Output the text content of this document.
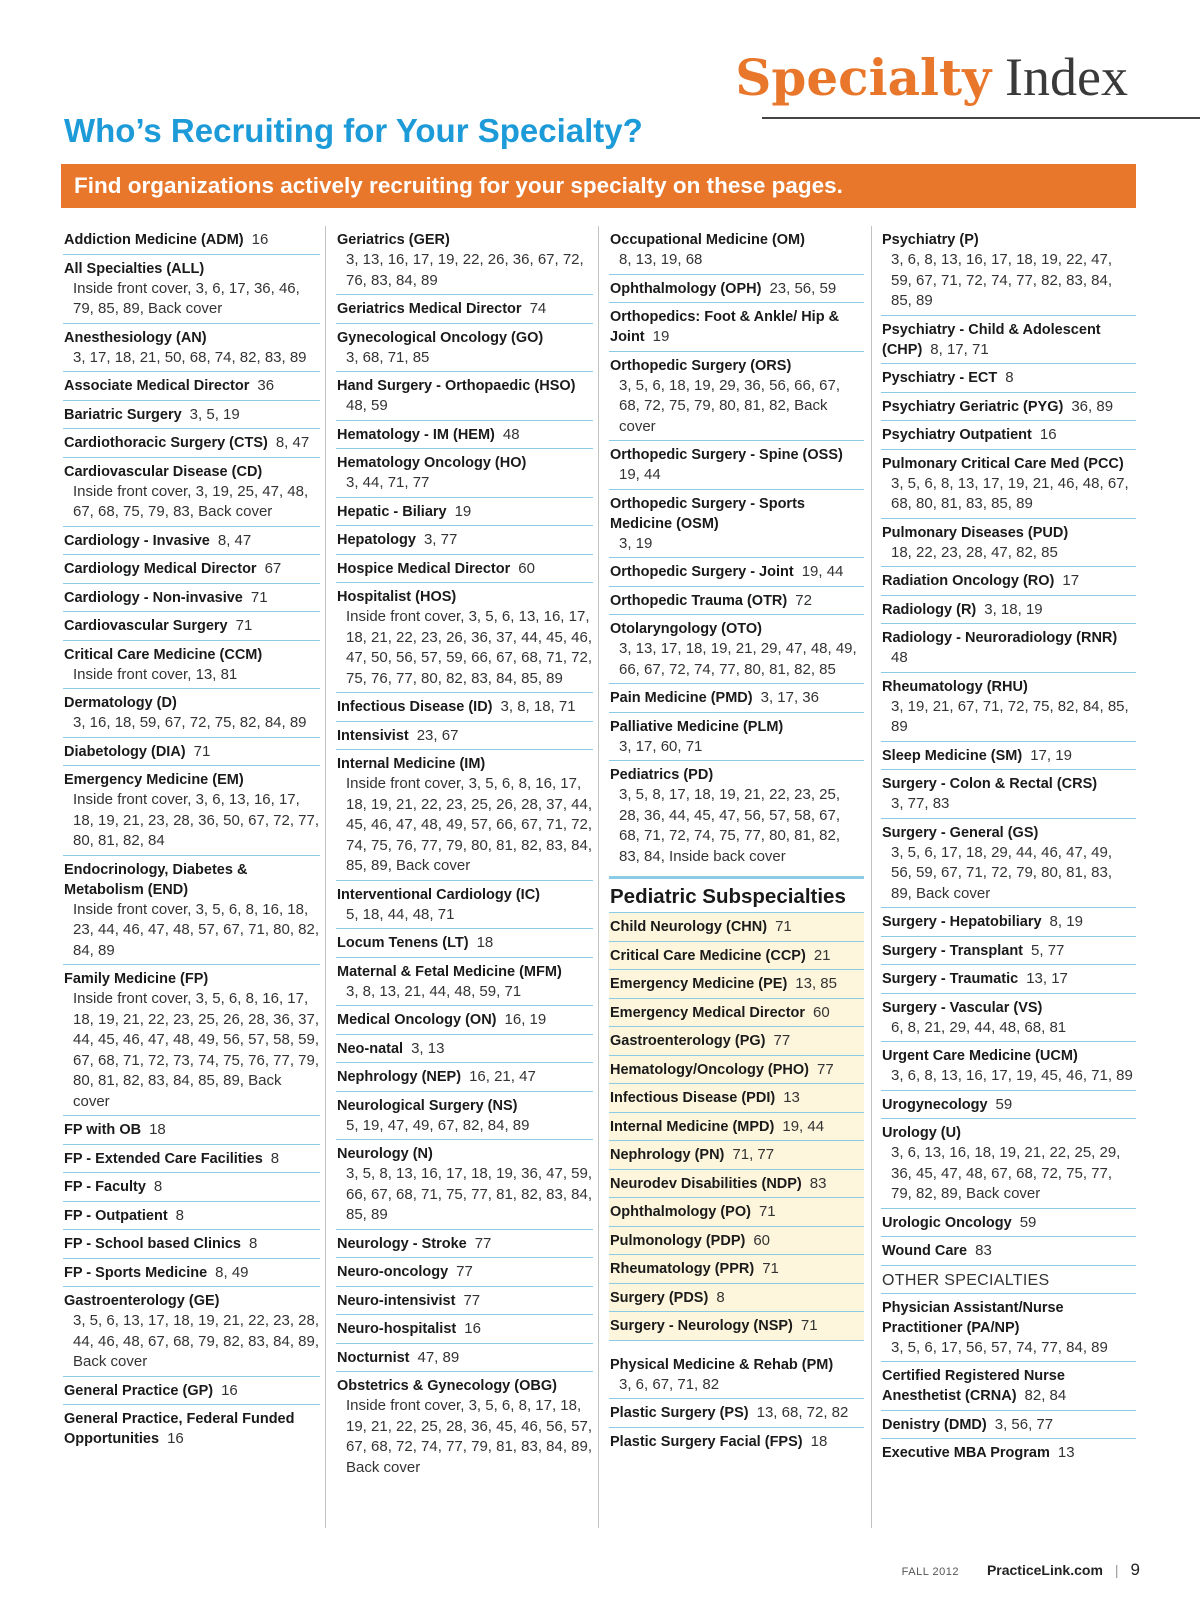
Specialty Index
Who’s Recruiting for Your Specialty?
Find organizations actively recruiting for your specialty on these pages.
Addiction Medicine (ADM) 16
All Specialties (ALL)
Inside front cover, 3, 6, 17, 36, 46, 79, 85, 89, Back cover
Anesthesiology (AN)
3, 17, 18, 21, 50, 68, 74, 82, 83, 89
Associate Medical Director 36
Bariatric Surgery 3, 5, 19
Cardiothoracic Surgery (CTS) 8, 47
Cardiovascular Disease (CD)
Inside front cover, 3, 19, 25, 47, 48, 67, 68, 75, 79, 83, Back cover
Cardiology - Invasive 8, 47
Cardiology Medical Director 67
Cardiology - Non-invasive 71
Cardiovascular Surgery 71
Critical Care Medicine (CCM)
Inside front cover, 13, 81
Dermatology (D)
3, 16, 18, 59, 67, 72, 75, 82, 84, 89
Diabetology (DIA) 71
Emergency Medicine (EM)
Inside front cover, 3, 6, 13, 16, 17, 18, 19, 21, 23, 28, 36, 50, 67, 72, 77, 80, 81, 82, 84
Endocrinology, Diabetes & Metabolism (END)
Inside front cover, 3, 5, 6, 8, 16, 18, 23, 44, 46, 47, 48, 57, 67, 71, 80, 82, 84, 89
Family Medicine (FP)
Inside front cover, 3, 5, 6, 8, 16, 17, 18, 19, 21, 22, 23, 25, 26, 28, 36, 37, 44, 45, 46, 47, 48, 49, 56, 57, 58, 59, 67, 68, 71, 72, 73, 74, 75, 76, 77, 79, 80, 81, 82, 83, 84, 85, 89, Back cover
FP with OB 18
FP - Extended Care Facilities 8
FP - Faculty 8
FP - Outpatient 8
FP - School based Clinics 8
FP - Sports Medicine 8, 49
Gastroenterology (GE)
3, 5, 6, 13, 17, 18, 19, 21, 22, 23, 28, 44, 46, 48, 67, 68, 79, 82, 83, 84, 89, Back cover
General Practice (GP) 16
General Practice, Federal Funded Opportunities 16
Geriatrics (GER)
3, 13, 16, 17, 19, 22, 26, 36, 67, 72, 76, 83, 84, 89
Geriatrics Medical Director 74
Gynecological Oncology (GO)
3, 68, 71, 85
Hand Surgery - Orthopaedic (HSO)
48, 59
Hematology - IM (HEM) 48
Hematology Oncology (HO)
3, 44, 71, 77
Hepatic - Biliary 19
Hepatology 3, 77
Hospice Medical Director 60
Hospitalist (HOS)
Inside front cover, 3, 5, 6, 13, 16, 17, 18, 21, 22, 23, 26, 36, 37, 44, 45, 46, 47, 50, 56, 57, 59, 66, 67, 68, 71, 72, 75, 76, 77, 80, 82, 83, 84, 85, 89
Infectious Disease (ID) 3, 8, 18, 71
Intensivist 23, 67
Internal Medicine (IM)
Inside front cover, 3, 5, 6, 8, 16, 17, 18, 19, 21, 22, 23, 25, 26, 28, 37, 44, 45, 46, 47, 48, 49, 57, 66, 67, 71, 72, 74, 75, 76, 77, 79, 80, 81, 82, 83, 84, 85, 89, Back cover
Interventional Cardiology (IC)
5, 18, 44, 48, 71
Locum Tenens (LT) 18
Maternal & Fetal Medicine (MFM)
3, 8, 13, 21, 44, 48, 59, 71
Medical Oncology (ON) 16, 19
Neo-natal 3, 13
Nephrology (NEP) 16, 21, 47
Neurological Surgery (NS)
5, 19, 47, 49, 67, 82, 84, 89
Neurology (N)
3, 5, 8, 13, 16, 17, 18, 19, 36, 47, 59, 66, 67, 68, 71, 75, 77, 81, 82, 83, 84, 85, 89
Neurology - Stroke 77
Neuro-oncology 77
Neuro-intensivist 77
Neuro-hospitalist 16
Nocturnist 47, 89
Obstetrics & Gynecology (OBG)
Inside front cover, 3, 5, 6, 8, 17, 18, 19, 21, 22, 25, 28, 36, 45, 46, 56, 57, 67, 68, 72, 74, 77, 79, 81, 83, 84, 89, Back cover
Occupational Medicine (OM)
8, 13, 19, 68
Ophthalmology (OPH) 23, 56, 59
Orthopedics: Foot & Ankle/ Hip & Joint 19
Orthopedic Surgery (ORS)
3, 5, 6, 18, 19, 29, 36, 56, 66, 67, 68, 72, 75, 79, 80, 81, 82, Back cover
Orthopedic Surgery - Spine (OSS)
19, 44
Orthopedic Surgery - Sports Medicine (OSM)
3, 19
Orthopedic Surgery - Joint 19, 44
Orthopedic Trauma (OTR) 72
Otolaryngology (OTO)
3, 13, 17, 18, 19, 21, 29, 47, 48, 49, 66, 67, 72, 74, 77, 80, 81, 82, 85
Pain Medicine (PMD) 3, 17, 36
Palliative Medicine (PLM)
3, 17, 60, 71
Pediatrics (PD)
3, 5, 8, 17, 18, 19, 21, 22, 23, 25, 28, 36, 44, 45, 47, 56, 57, 58, 67, 68, 71, 72, 74, 75, 77, 80, 81, 82, 83, 84, Inside back cover
Pediatric Subspecialties
Child Neurology (CHN) 71
Critical Care Medicine (CCP) 21
Emergency Medicine (PE) 13, 85
Emergency Medical Director 60
Gastroenterology (PG) 77
Hematology/Oncology (PHO) 77
Infectious Disease (PDI) 13
Internal Medicine (MPD) 19, 44
Nephrology (PN) 71, 77
Neurodev Disabilities (NDP) 83
Ophthalmology (PO) 71
Pulmonology (PDP) 60
Rheumatology (PPR) 71
Surgery (PDS) 8
Surgery - Neurology (NSP) 71
Physical Medicine & Rehab (PM)
3, 6, 67, 71, 82
Plastic Surgery (PS) 13, 68, 72, 82
Plastic Surgery Facial (FPS) 18
Psychiatry (P)
3, 6, 8, 13, 16, 17, 18, 19, 22, 47, 59, 67, 71, 72, 74, 77, 82, 83, 84, 85, 89
Psychiatry - Child & Adolescent (CHP) 8, 17, 71
Pyschiatry - ECT 8
Psychiatry Geriatric (PYG) 36, 89
Psychiatry Outpatient 16
Pulmonary Critical Care Med (PCC)
3, 5, 6, 8, 13, 17, 19, 21, 46, 48, 67, 68, 80, 81, 83, 85, 89
Pulmonary Diseases (PUD)
18, 22, 23, 28, 47, 82, 85
Radiation Oncology (RO) 17
Radiology (R) 3, 18, 19
Radiology - Neuroradiology (RNR)
48
Rheumatology (RHU)
3, 19, 21, 67, 71, 72, 75, 82, 84, 85, 89
Sleep Medicine (SM) 17, 19
Surgery - Colon & Rectal (CRS)
3, 77, 83
Surgery - General (GS)
3, 5, 6, 17, 18, 29, 44, 46, 47, 49, 56, 59, 67, 71, 72, 79, 80, 81, 83, 89, Back cover
Surgery - Hepatobiliary 8, 19
Surgery - Transplant 5, 77
Surgery - Traumatic 13, 17
Surgery - Vascular (VS)
6, 8, 21, 29, 44, 48, 68, 81
Urgent Care Medicine (UCM)
3, 6, 8, 13, 16, 17, 19, 45, 46, 71, 89
Urogynecology 59
Urology (U)
3, 6, 13, 16, 18, 19, 21, 22, 25, 29, 36, 45, 47, 48, 67, 68, 72, 75, 77, 79, 82, 89, Back cover
Urologic Oncology 59
Wound Care 83
OTHER SPECIALTIES
Physician Assistant/Nurse Practitioner (PA/NP)
3, 5, 6, 17, 56, 57, 74, 77, 84, 89
Certified Registered Nurse Anesthetist (CRNA) 82, 84
Denistry (DMD) 3, 56, 77
Executive MBA Program 13
FALL 2012 PracticeLink.com | 9
